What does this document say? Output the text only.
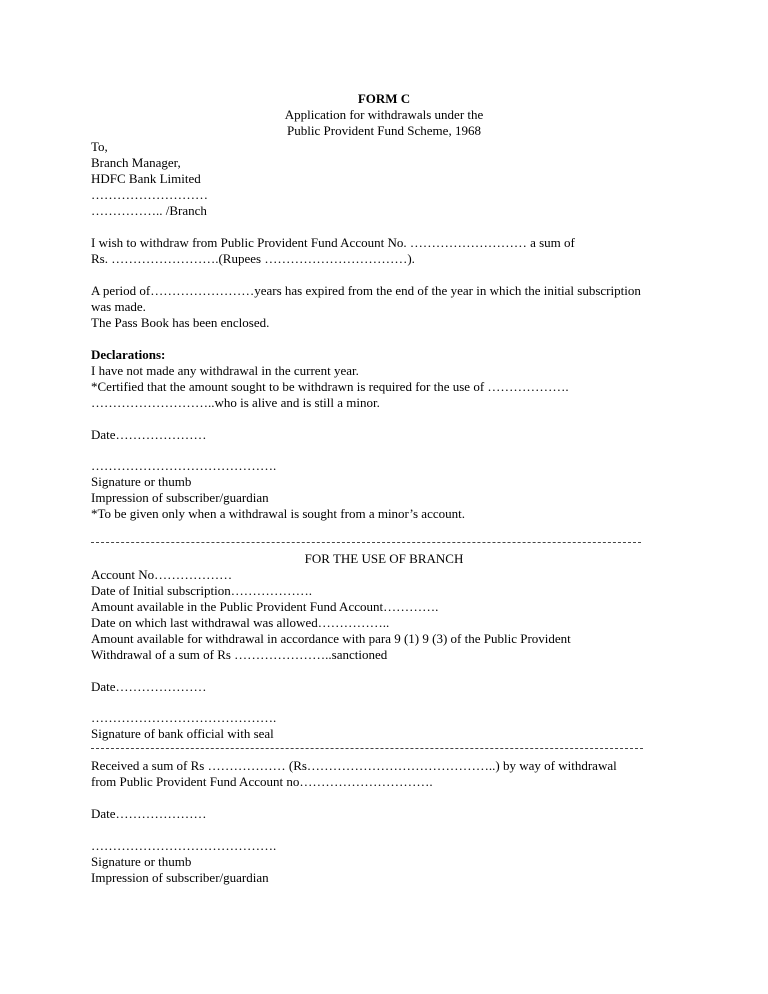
FORM C
Application for withdrawals under the
Public Provident Fund Scheme, 1968
To,
Branch Manager,
HDFC Bank Limited
………………………
…………….. /Branch
I wish to withdraw from Public Provident Fund Account No. ……………………… a sum of
Rs. …………………….(Rupees ……………………………).
A period of……………………years has expired from the end of the year in which the initial subscription
was made.
The Pass Book has been enclosed.
Declarations:
I have not made any withdrawal in the current year.
*Certified that the amount sought to be withdrawn is required for the use of ……………….
………………………..who is alive and is still a minor.
Date…………………
…………………………………….
Signature or thumb
Impression of subscriber/guardian
*To be given only when a withdrawal is sought from a minor’s account.
FOR THE USE OF BRANCH
Account No………………
Date of Initial subscription……………….
Amount available in the Public Provident Fund Account………….
Date on which last withdrawal was allowed……………..
Amount available for withdrawal in accordance with para 9 (1) 9 (3) of the Public Provident
Withdrawal of a sum of Rs …………………..sanctioned
Date…………………
…………………………………….
Signature of bank official with seal
Received a sum of Rs ……………… (Rs……………………………………..) by way of withdrawal
from Public Provident Fund Account no………………………….
Date…………………
…………………………………….
Signature or thumb
Impression of subscriber/guardian
